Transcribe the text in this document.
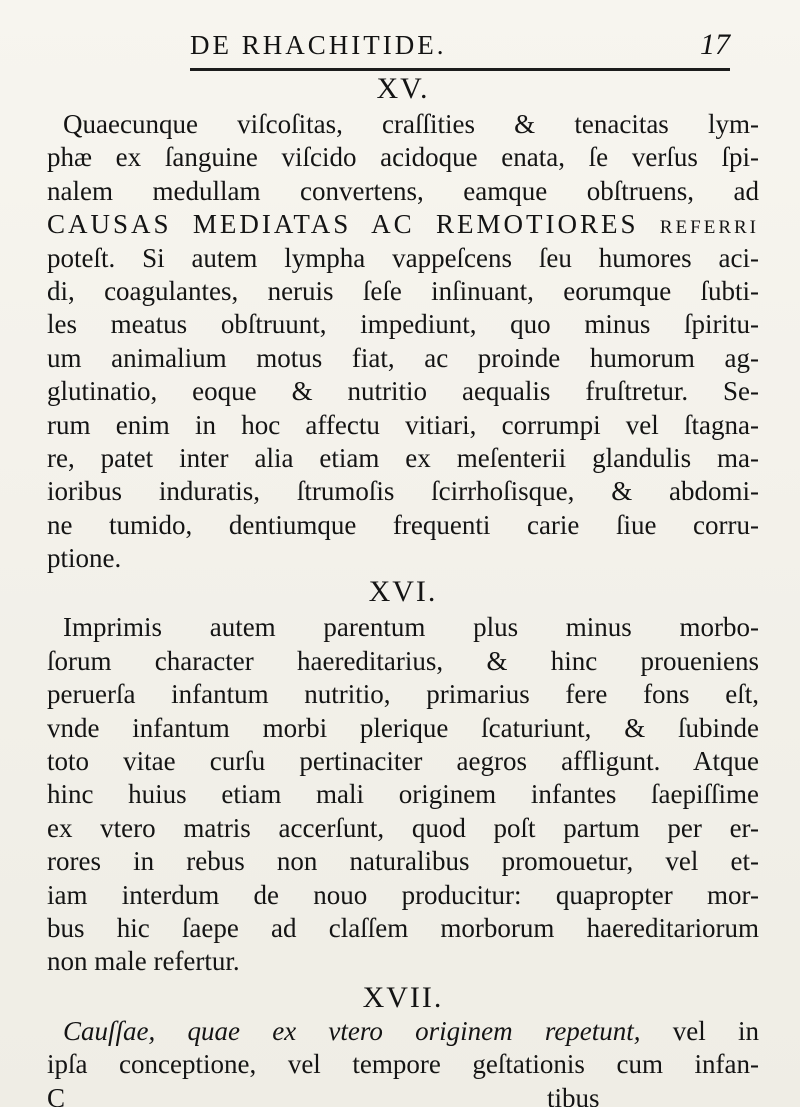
DE RHACHITIDE.	17
XV.
Quaecunque viſcoſitas, craſſities & tenacitas lym-
phæ ex ſanguine viſcido acidoque enata, ſe verſus ſpi-
nalem medullam convertens, eamque obſtruens, ad
CAUSAS MEDIATAS AC REMOTIORES referri
poteſt. Si autem lympha vappeſcens ſeu humores aci-
di, coagulantes, neruis ſeſe inſinuant, eorumque ſubti-
les meatus obſtruunt, impediunt, quo minus ſpiritu-
um animalium motus fiat, ac proinde humorum ag-
glutinatio, eoque & nutritio aequalis fruſtretur. Se-
rum enim in hoc affectu vitiari, corrumpi vel ſtagna-
re, patet inter alia etiam ex meſenterii glandulis ma-
ioribus induratis, ſtrumoſis ſcirrhoſisque, & abdomi-
ne tumido, dentiumque frequenti carie ſiue corru-
ptione.
XVI.
Imprimis autem parentum plus minus morbo-
ſorum character haereditarius, & hinc proueniens
peruerſa infantum nutritio, primarius fere fons eſt,
vnde infantum morbi plerique ſcaturiunt, & ſubinde
toto vitae curſu pertinaciter aegros affligunt. Atque
hinc huius etiam mali originem infantes ſaepiſſime
ex vtero matris accerſunt, quod poſt partum per er-
rores in rebus non naturalibus promouetur, vel et-
iam interdum de nouo producitur: quapropter mor-
bus hic ſaepe ad claſſem morborum haereditariorum
non male refertur.
XVII.
Cauſſae, quae ex vtero originem repetunt, vel in
ipſa conceptione, vel tempore geſtationis cum infan-
C	tibus
